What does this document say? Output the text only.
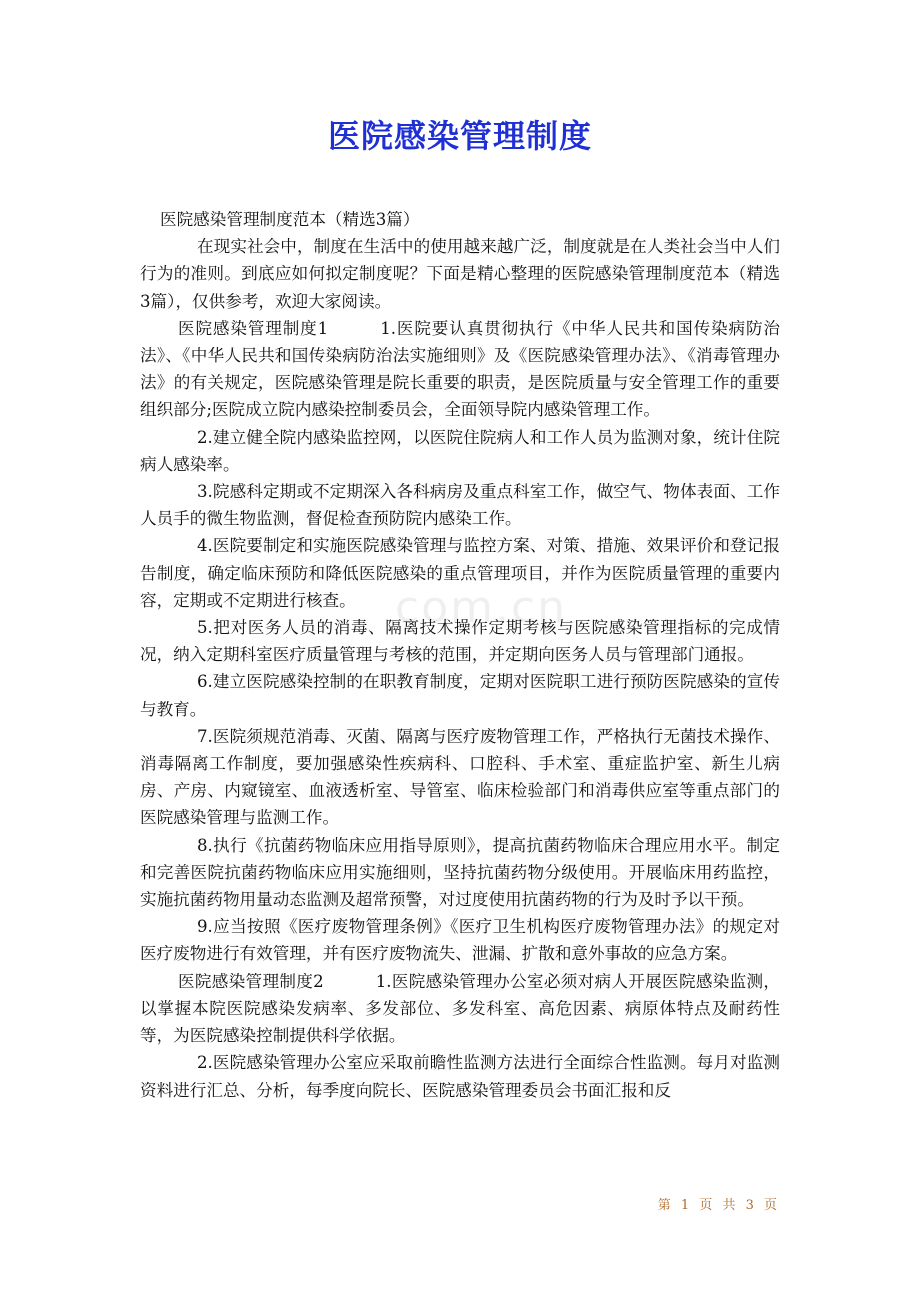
医院感染管理制度

医院感染管理制度范本（精选3篇）

在现实社会中，制度在生活中的使用越来越广泛，制度就是在人类社会当中人们行为的准则。到底应如何拟定制度呢？下面是精心整理的医院感染管理制度范本（精选3篇），仅供参考，欢迎大家阅读。

医院感染管理制度1	1.医院要认真贯彻执行《中华人民共和国传染病防治法》、《中华人民共和国传染病防治法实施细则》及《医院感染管理办法》、《消毒管理办法》的有关规定，医院感染管理是院长重要的职责，是医院质量与安全管理工作的重要组织部分;医院成立院内感染控制委员会，全面领导院内感染管理工作。

2.建立健全院内感染监控网，以医院住院病人和工作人员为监测对象，统计住院病人感染率。

3.院感科定期或不定期深入各科病房及重点科室工作，做空气、物体表面、工作人员手的微生物监测，督促检查预防院内感染工作。

4.医院要制定和实施医院感染管理与监控方案、对策、措施、效果评价和登记报告制度，确定临床预防和降低医院感染的重点管理项目，并作为医院质量管理的重要内容，定期或不定期进行核查。

5.把对医务人员的消毒、隔离技术操作定期考核与医院感染管理指标的完成情况，纳入定期科室医疗质量管理与考核的范围，并定期向医务人员与管理部门通报。

6.建立医院感染控制的在职教育制度，定期对医院职工进行预防医院感染的宣传与教育。

7.医院须规范消毒、灭菌、隔离与医疗废物管理工作，严格执行无菌技术操作、消毒隔离工作制度，要加强感染性疾病科、口腔科、手术室、重症监护室、新生儿病房、产房、内窥镜室、血液透析室、导管室、临床检验部门和消毒供应室等重点部门的医院感染管理与监测工作。

8.执行《抗菌药物临床应用指导原则》，提高抗菌药物临床合理应用水平。制定和完善医院抗菌药物临床应用实施细则，坚持抗菌药物分级使用。开展临床用药监控，实施抗菌药物用量动态监测及超常预警，对过度使用抗菌药物的行为及时予以干预。

9.应当按照《医疗废物管理条例》《医疗卫生机构医疗废物管理办法》的规定对医疗废物进行有效管理，并有医疗废物流失、泄漏、扩散和意外事故的应急方案。

医院感染管理制度2	1.医院感染管理办公室必须对病人开展医院感染监测，以掌握本院医院感染发病率、多发部位、多发科室、高危因素、病原体特点及耐药性等，为医院感染控制提供科学依据。

2.医院感染管理办公室应采取前瞻性监测方法进行全面综合性监测。每月对监测资料进行汇总、分析，每季度向院长、医院感染管理委员会书面汇报和反

com.cn
第 1 页 共 3 页
